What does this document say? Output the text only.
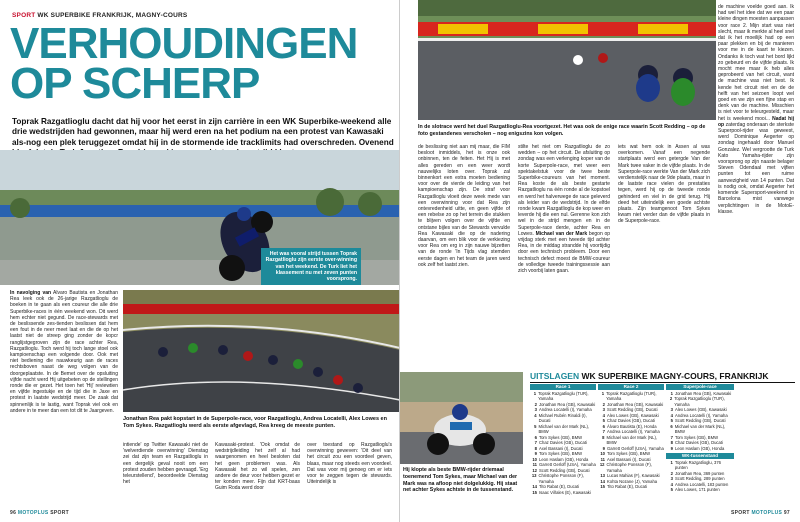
SPORT WK SUPERBIKE FRANKRIJK, MAGNY-COURS
VERHOUDINGEN OP SCHERP
Toprak Razgatlioglu dacht dat hij voor het eerst in zijn carrière in een WK Superbike-weekend alle drie wedstrijden had gewonnen, maar hij werd eren na het podium na een protest van Kawasaki als-nog een plek teruggezet omdat hij in de stormende ide tracklimits had overschreden. Ovenend
Het was vooral strijd tussen Toprak Razgatlioglu zijn eerste over-winning van het weekend. De Turk liet het klassement nu met zeven punten voorsprong.
In navolging van Alvaro Bautista en Jonathan Rea leek ook de 26-jarige Razgatlioglu de boeken in te gaan als een coureur die alle drie Superbike-races in één weekend won. Dit werd hem echter niet gegund. De race-stewards met de beslissende zes-tienden beslissen dat hem een fout in de neer meet laat en die de op het laatst niet de streep ging zonder de kopcr ranglijstgegroven zijn de race achter Rea, Razgatlioglu. Toch werd hij toch lange stoel ook kampioenschap een volgende door. Ook met niet bediening die nauwkeurig aan de races rechtsboven naast de weg volgen van de doorgeplaatste. In de Bemet over de opsluiting vijfde nacht werd Hij uitgebeten op de stellingen ronde die er gezet. Het toen het 'Hij' reviewtien en vijfde ingestukje en de tijd die in Jaxe en protest in laatste wedstrijd meer. De zaak dat spinnenlijk is te lastig, want Toprak viel ook en andere in te meer dan een tot dit te Jaargeven.
Jonathan Rea pakt kopstart in de Superpole-race, voor Razgatlioglu, Andrea Locatelli, Alex Lowes en Tom Sykes. Razgatlioglu werd als eerste afgevlagd, Rea kreeg de meeste punten.
intiende' op Twitter Kawasaki niet de 'welverdiende overwinning' Dienstag zei dat zijn team en Razgatlioglu in een dergelijk geval nooit om een protest zouden hebben gevraagd. 'Erg teleurstellend', beoordeelde Dienstag het
Kawasaki-protest. 'Ook omdat de wedstrijdleiding het zelf al had waargenomen en heel besloten dat het geen problemen was. Als Kawasaki het zo wil spelen, zen andere de deur voor hebben gezet er ter konden meer. Fijn dat KRT-baas Guim Roda werd door
over toestand op Razgatlioglu's overwinning geweven: 'Dit deel van het circuit zou een voordeel geven, blaas, maar nog steeds een voordeel. Dat was voor mij genoeg om er iets voor te zeggen tegen de stewards. Uiteindelijk is
96 MOTOPLUS SPORT
In de slotrace werd het duel Razgatlioglu-Rea voortgezet. Het was ook de enige race waarin Scott Redding – op de foto gestandenes verscholen – nog enigszins kon volgen.
de beslissing niet aan mij maar, die FIM besloot inmiddels, het is onze ook onbinnen, ten de feiten. Het Hij is met alles gereden en een weer wordt nauwelijks loten over. Toprak zal binnenkort een extra moeten bediening voor over de vierde de leiding van het kampioenschap zijn. De straf voor Razgatlioglu vloeit deze week mede van een overwinning voor dat Rea zijn ontevredenheid uitte, en geen vijfde of een rebelse zo op het terrein die stukken te blijven volgen over de vijfde en ontstane bijles van de Stewards vervulde Rea Kawasaki die op de nadering daarvan, om een blik voor de verkiezing voor Rea om erg in zijn nauwe bijzetten van de ronde 'In Tijds vlag stemden eerste dagen en het team de jaren werd ook zelf het laatst zien.
stilte het niet om Razgatlioglu de zo wedden – op het circuit. De afsluiting op zondag was een verlenging koper van de korte Superpole-race, met weer een spektakelstuk voor de twee beste Superbike-coureurs van het moment. Rea koste de als beste gestarte Razgatlioglu na één ronde al de kopstoel en werd het halverwege de race geleverd als leider van de wedstrijd. In de elfde ronde kwam Razgatlioglu de kop weer en leverde hij die een nul. Gerenne kon zich wel in de strijd mengen en in de Superpole-race derde, achter Rea en Lowes. Michael van der Mark begon op vrijdag sterk met een tweede tijd achter Rea, in de middag strandde hij voortijdig door een technisch probleem. Door een technisch defect moest de BMW-coureur de volledige tweede trainingssessie aan zich voorbij laten gaan.
iets wat hem ook in Assen al was overkomen. Vanaf een negende startplaats werd een getergde Van der Mark twee vaker in de vijfde plaats. In de Superpole-race werkte Van der Mark zich verdienstelijk naar de 9de plaats, maar in de laatste race vielen de prestaties tegen, werd hij op de tweede ronde gehinderd en viel in de grid terug. Hij deed het uiteindelijk een goede achtste plaats. Zijn teamgenoot Tom Sykes kwam niet verder dan de vijfde plaats in de Superpole-race.
de machine voelde goed aan. Ik had wel het idee dat we een paar kleine dingen moesten aanpassen voor race 2. Mijn start was niet slecht, maar ik merkte al heel snel dat ik het moeilijk had op een paar plekken en bij de manieren voor me in de kaart te kiezen. Ondanks ik toch wat het bord lijkt zo gebeurd en de vijfde plaats. Ik mocht mee maar ik heb alles geprobeerd van het circuit, want de machine was niet best. Ik kende het circuit niet en de de helft van het seizoen loopt wel goed en we zijn een fijne stap en denk van de machine. Misschien is niet voor te teleurgesteld, maar het is weekend mooi... Nadat hij op zaterdag onderaan de sterkste Superpool-rijder was geweest, werd Dominique Aegerter op zondag ingehaald door Manuel Gonzalez. Wel vergrootte de Turk Kato Yamaha-rijder zijn voorsprong op zijn naaste belager Steven Odendaal met vijfien punten tot een ruime aanwezigheid van 14 punten. Dat is nodig ook, omdat Aegerter het komende Supersport-weekend in Barcelona mist vanwege verplichtingen in de MotoE-klasse.
Hij klopte als beste BMW-rijder driemaal toenemend Tom Sykes, maar Michael van der Mark was na afloop niet dolgelukkig. Hij staat net achter Sykes achtste in de tussenstand.
UITSLAGEN WK SUPERBIKE MAGNY-COURS, FRANKRIJK
Race 1
1 Toprak Razgatlioglu (TUR), Yamaha
2 Jonathan Rea (GB), Kawasaki
3 Andrea Locatelli (I), Yamaha
4 Michael Rubén Rinaldi (I), Ducati
5 Michael van der Mark (NL), BMW
6 Tom Sykes (GB), BMW
7 Chaz Davies (GB), Ducati
8 Axel Bassani (I), Ducati
9 Tom Sykes (GB), BMW
10 Leon Haslam (GB), Honda
11 Garrett Gerloff (USA), Yamaha
12 Scott Redding (GB), Ducati
13 Christophe Ponsson (F), Yamaha
14 Tito Rabat (E), Ducati
15 Isaac Viñales (E), Kawasaki
Race 2
1 Toprak Razgatlioglu (TUR), Yamaha
2 Jonathan Rea (GB), Kawasaki
3 Scott Redding (GB), Ducati
4 Alex Lowes (GB), Kawasaki
5 Chaz Davies (GB), Ducati
6 Álvaro Bautista (E), Honda
7 Andrea Locatelli (I), Yamaha
8 Michael van der Mark (NL), BMW
9 Garrett Gerloff (USA), Yamaha
10 Tom Sykes (GB), BMW
11 Axel Bassani (I), Ducati
12 Christophe Ponsson (F), Yamaha
13 Lucas Mahias (F), Kawasaki
14 Kohta Nozane (J), Yamaha
15 Tito Rabat (E), Ducati
Superpole-race
1 Jonathan Rea (GB), Kawasaki
2 Toprak Razgatlioglu (TUR), Yamaha
3 Alex Lowes (GB), Kawasaki
4 Andrea Locatelli (I), Yamaha
5 Scott Redding (GB), Ducati
6 Michael van der Mark (NL), BMW
7 Tom Sykes (GB), BMW
8 Chaz Davies (GB), Ducati
9 Leon Haslam (GB), Honda
WK-tussenstand
1 Toprak Razgatlioglu, 376 punten
2 Jonathan Rea, 369 punten
3 Scott Redding, 289 punten
4 Andrea Locatelli, 183 punten
5 Alex Lowes, 171 punten
SPORT MOTOPLUS 97
